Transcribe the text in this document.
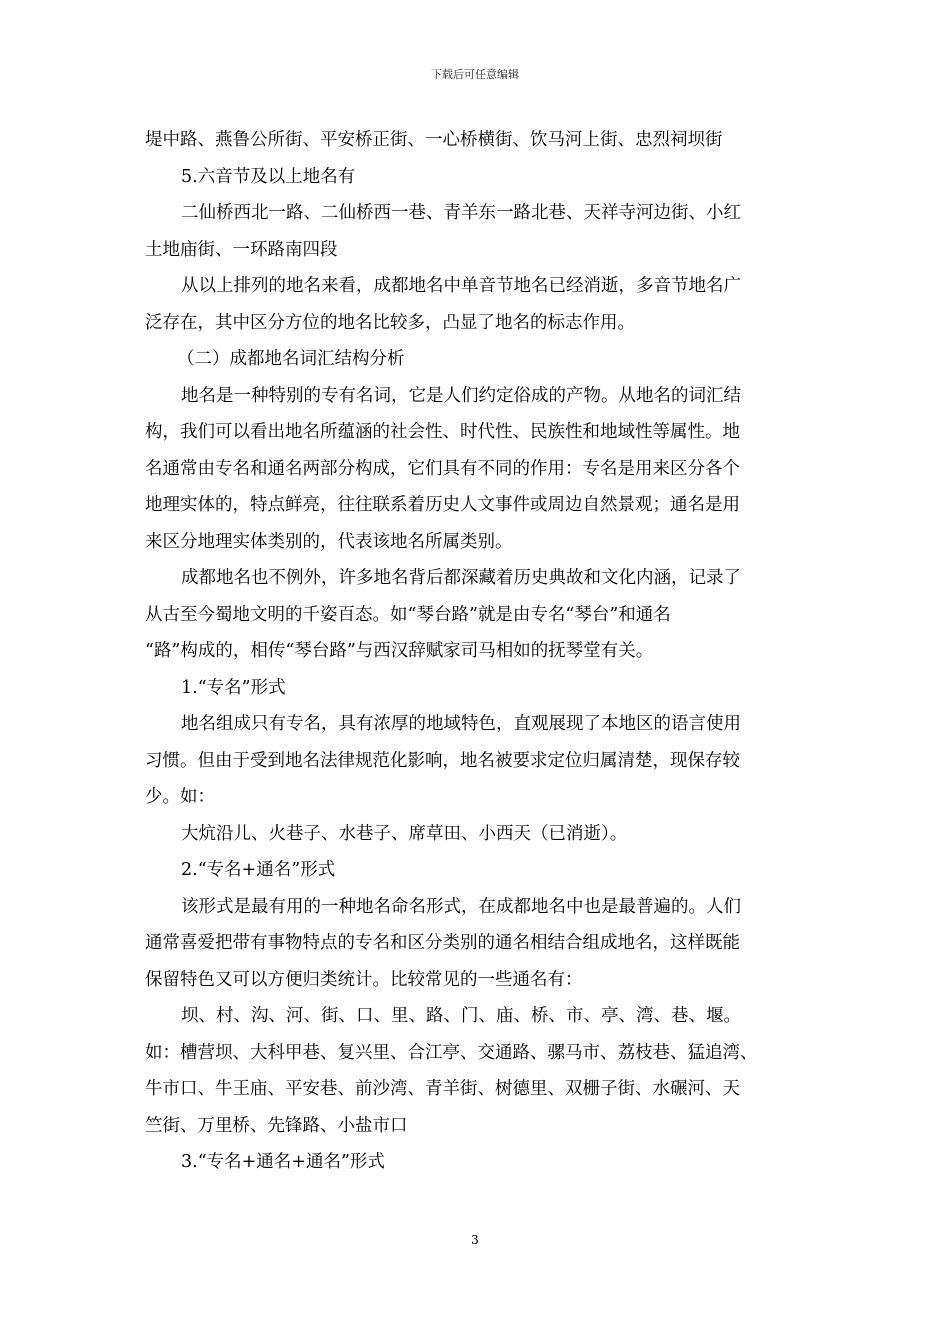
下载后可任意编辑
堤中路、燕鲁公所街、平安桥正街、一心桥横街、饮马河上街、忠烈祠坝街
5.六音节及以上地名有
二仙桥西北一路、二仙桥西一巷、青羊东一路北巷、天祥寺河边街、小红
土地庙街、一环路南四段
从以上排列的地名来看，成都地名中单音节地名已经消逝，多音节地名广
泛存在，其中区分方位的地名比较多，凸显了地名的标志作用。
（二）成都地名词汇结构分析
地名是一种特别的专有名词，它是人们约定俗成的产物。从地名的词汇结
构，我们可以看出地名所蕴涵的社会性、时代性、民族性和地域性等属性。地
名通常由专名和通名两部分构成，它们具有不同的作用：专名是用来区分各个
地理实体的，特点鲜亮，往往联系着历史人文事件或周边自然景观；通名是用
来区分地理实体类别的，代表该地名所属类别。
成都地名也不例外，许多地名背后都深藏着历史典故和文化内涵，记录了
从古至今蜀地文明的千姿百态。如“琴台路”就是由专名“琴台”和通名
“路”构成的，相传“琴台路”与西汉辞赋家司马相如的抚琴堂有关。
1.“专名”形式
地名组成只有专名，具有浓厚的地域特色，直观展现了本地区的语言使用
习惯。但由于受到地名法律规范化影响，地名被要求定位归属清楚，现保存较
少。如：
大炕沿儿、火巷子、水巷子、席草田、小西天（已消逝）。
2.“专名+通名”形式
该形式是最有用的一种地名命名形式，在成都地名中也是最普遍的。人们
通常喜爱把带有事物特点的专名和区分类别的通名相结合组成地名，这样既能
保留特色又可以方便归类统计。比较常见的一些通名有：
坝、村、沟、河、街、口、里、路、门、庙、桥、市、亭、湾、巷、堰。
如：槽营坝、大科甲巷、复兴里、合江亭、交通路、骡马市、荔枝巷、猛追湾、
牛市口、牛王庙、平安巷、前沙湾、青羊街、树德里、双栅子街、水碾河、天
竺街、万里桥、先锋路、小盐市口
3.“专名+通名+通名”形式
3
